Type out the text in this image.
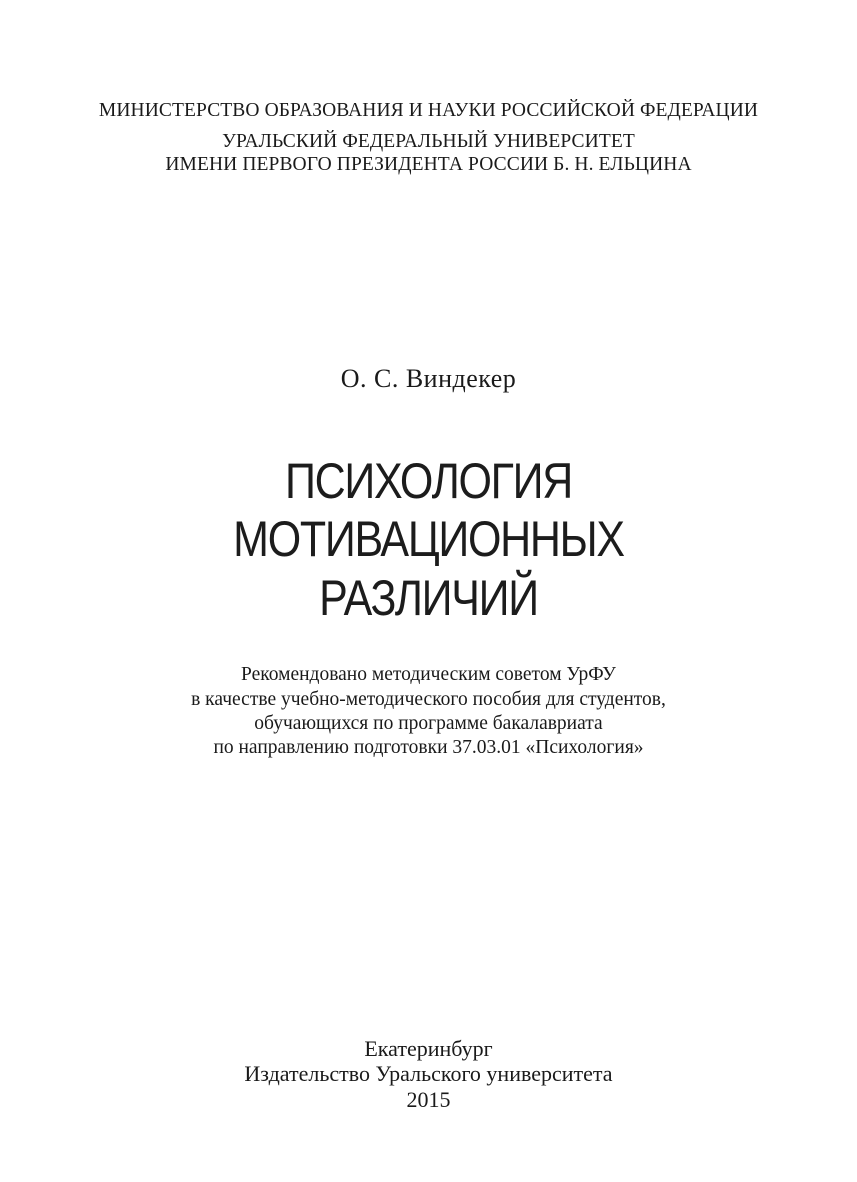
МИНИСТЕРСТВО ОБРАЗОВАНИЯ И НАУКИ РОССИЙСКОЙ ФЕДЕРАЦИИ
УРАЛЬСКИЙ ФЕДЕРАЛЬНЫЙ УНИВЕРСИТЕТ
ИМЕНИ ПЕРВОГО ПРЕЗИДЕНТА РОССИИ Б. Н. ЕЛЬЦИНА
О. С. Виндекер
ПСИХОЛОГИЯ
МОТИВАЦИОННЫХ
РАЗЛИЧИЙ
Рекомендовано методическим советом УрФУ
в качестве учебно-методического пособия для студентов,
обучающихся по программе бакалавриата
по направлению подготовки 37.03.01 «Психология»
Екатеринбург
Издательство Уральского университета
2015
